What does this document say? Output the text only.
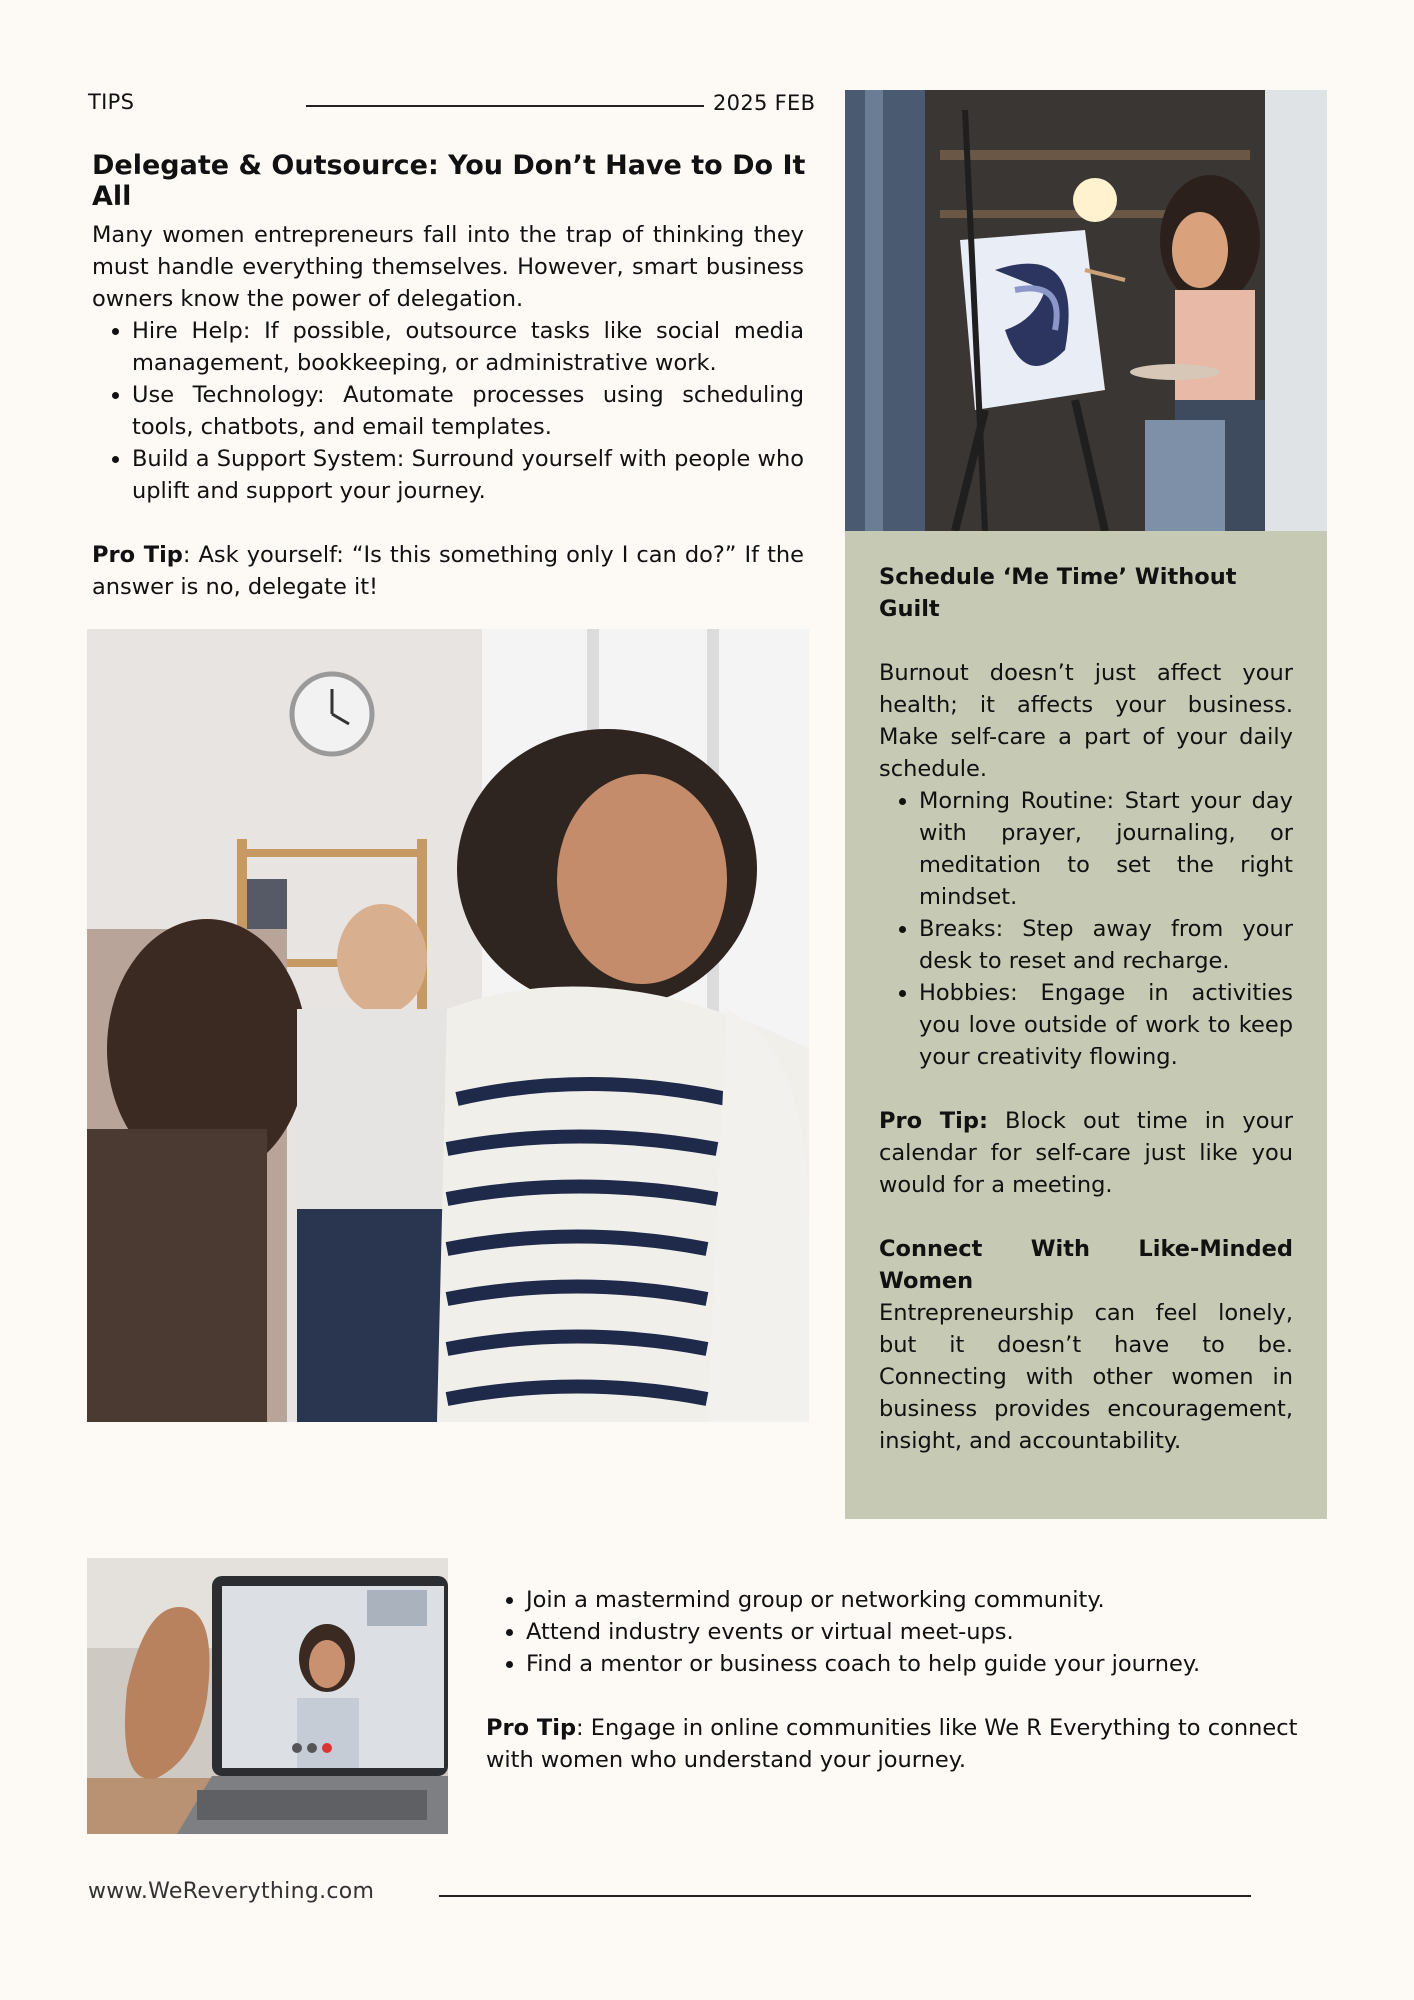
TIPS	2025 FEB
Delegate & Outsource: You Don’t Have to Do It All

Many women entrepreneurs fall into the trap of thinking they must handle everything themselves. However, smart business owners know the power of delegation.

• Hire Help: If possible, outsource tasks like social media management, bookkeeping, or administrative work.
• Use Technology: Automate processes using scheduling tools, chatbots, and email templates.
• Build a Support System: Surround yourself with people who uplift and support your journey.

Pro Tip: Ask yourself: “Is this something only I can do?” If the answer is no, delegate it!	Schedule ‘Me Time’ Without Guilt

Burnout doesn’t just affect your health; it affects your business. Make self-care a part of your daily schedule.

• Morning Routine: Start your day with prayer, journaling, or meditation to set the right mindset.
• Breaks: Step away from your desk to reset and recharge.
• Hobbies: Engage in activities you love outside of work to keep your creativity flowing.

Pro Tip: Block out time in your calendar for self-care just like you would for a meeting.

Connect With Like-Minded Women

Entrepreneurship can feel lonely, but it doesn’t have to be. Connecting with other women in business provides encouragement, insight, and accountability.

• Join a mastermind group or networking community.
• Attend industry events or virtual meet-ups.
• Find a mentor or business coach to help guide your journey.

Pro Tip: Engage in online communities like We R Everything to connect with women who understand your journey.

www.WeReverything.com
